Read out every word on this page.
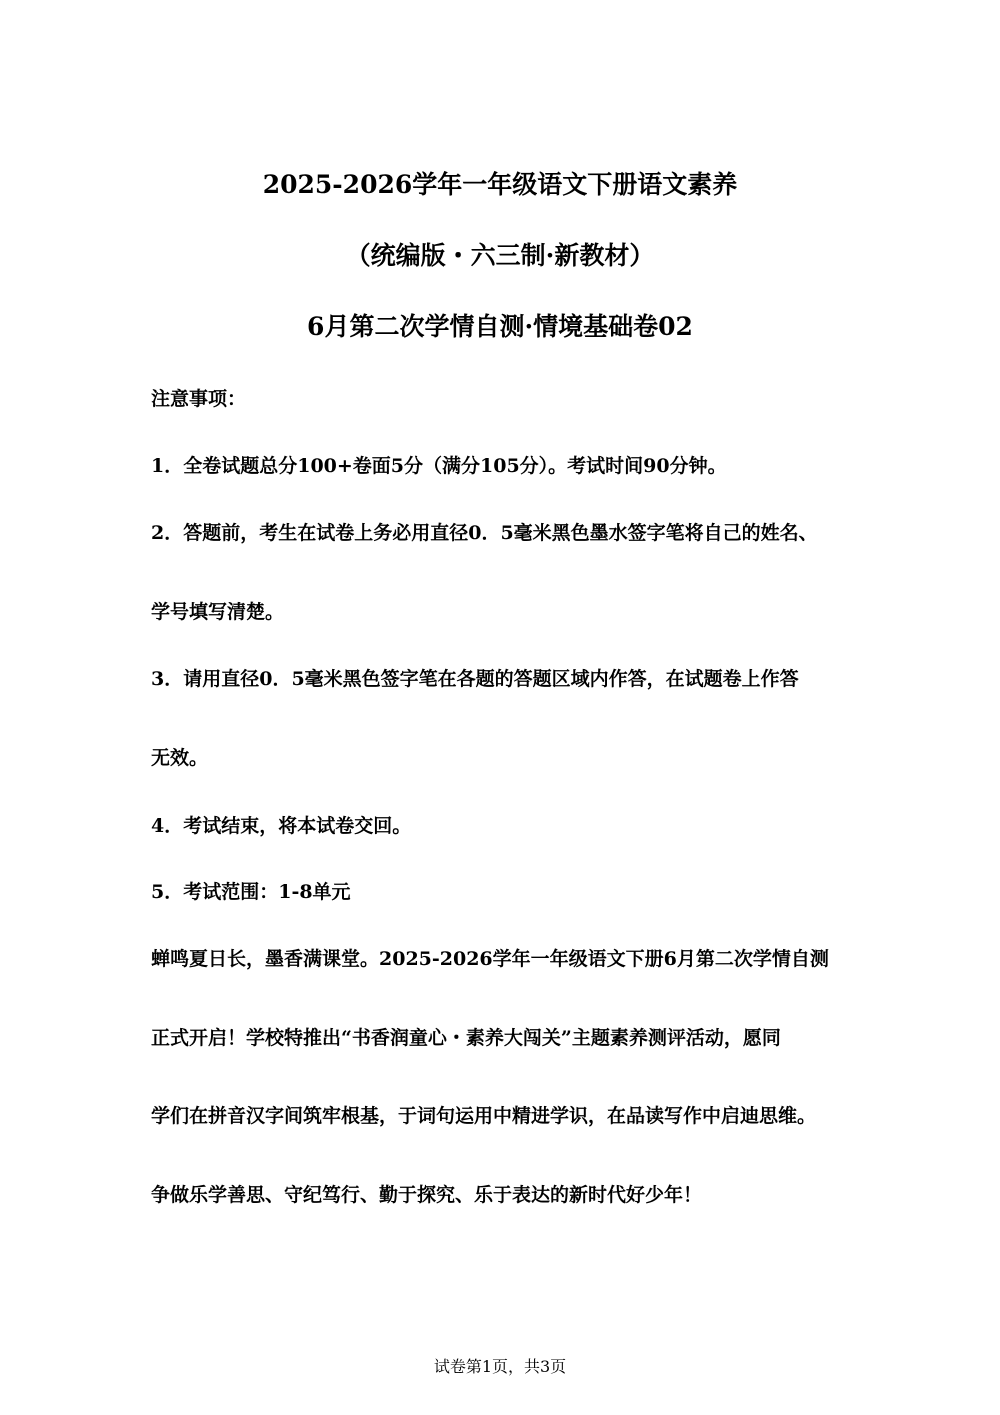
2025-2026学年一年级语文下册语文素养
（统编版・六三制·新教材）
6月第二次学情自测·情境基础卷02
注意事项：
1．全卷试题总分100+卷面5分（满分105分）。考试时间90分钟。
2．答题前，考生在试卷上务必用直径0．5毫米黑色墨水签字笔将自己的姓名、
学号填写清楚。
3．请用直径0．5毫米黑色签字笔在各题的答题区域内作答，在试题卷上作答
无效。
4．考试结束，将本试卷交回。
5．考试范围：1-8单元
蝉鸣夏日长，墨香满课堂。2025-2026学年一年级语文下册6月第二次学情自测
正式开启！学校特推出“书香润童心・素养大闯关”主题素养测评活动，愿同
学们在拼音汉字间筑牢根基，于词句运用中精进学识，在品读写作中启迪思维。
争做乐学善思、守纪笃行、勤于探究、乐于表达的新时代好少年！
试卷第1页，共3页
